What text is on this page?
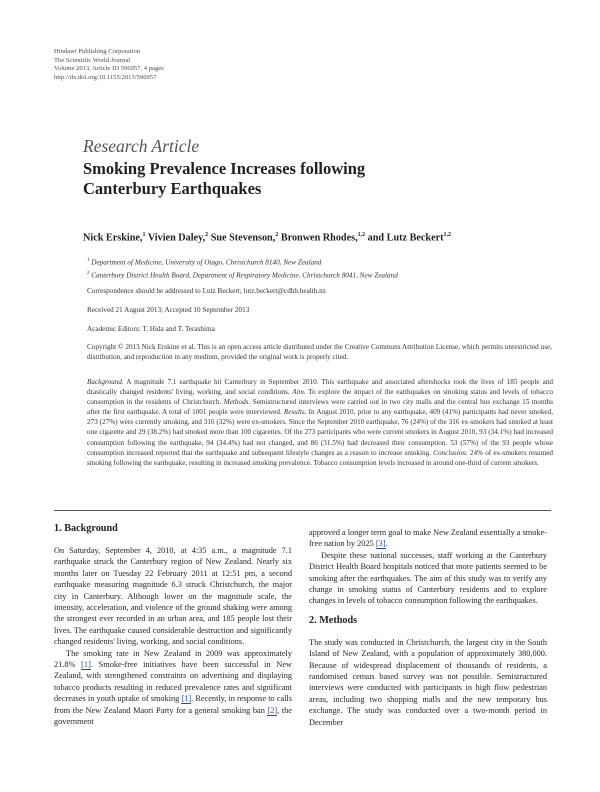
Hindawi Publishing Corporation
The Scientific World Journal
Volume 2013, Article ID 596957, 4 pages
http://dx.doi.org/10.1155/2013/596957
Research Article
Smoking Prevalence Increases following
Canterbury Earthquakes
Nick Erskine,$^1$ Vivien Daley,$^2$ Sue Stevenson,$^2$ Bronwen Rhodes,$^{1,2}$ and Lutz Beckert$^{1,2}$
$^1$ Department of Medicine, University of Otago, Christchurch 8140, New Zealand
$^2$ Canterbury District Health Board, Department of Respiratory Medicine, Christchurch 8041, New Zealand
Correspondence should be addressed to Lutz Beckert; lutz.beckert@cdhb.health.nz
Received 21 August 2013; Accepted 10 September 2013
Academic Editors: T. Hida and T. Terashima
Copyright © 2013 Nick Erskine et al. This is an open access article distributed under the Creative Commons Attribution License, which permits unrestricted use, distribution, and reproduction in any medium, provided the original work is properly cited.
Background. A magnitude 7.1 earthquake hit Canterbury in September 2010. This earthquake and associated aftershocks took the lives of 185 people and drastically changed residents' living, working, and social conditions. Aim. To explore the impact of the earthquakes on smoking status and levels of tobacco consumption in the residents of Christchurch. Methods. Semistructured interviews were carried out in two city malls and the central bus exchange 15 months after the first earthquake. A total of 1001 people were interviewed. Results. In August 2010, prior to any earthquake, 409 (41%) participants had never smoked, 273 (27%) were currently smoking, and 316 (32%) were ex-smokers. Since the September 2010 earthquake, 76 (24%) of the 316 ex-smokers had smoked at least one cigarette and 29 (38.2%) had smoked more than 100 cigarettes. Of the 273 participants who were current smokers in August 2010, 93 (34.1%) had increased consumption following the earthquake, 94 (34.4%) had not changed, and 86 (31.5%) had decreased their consumption. 53 (57%) of the 93 people whose consumption increased reported that the earthquake and subsequent lifestyle changes as a reason to increase smoking. Conclusion. 24% of ex-smokers resumed smoking following the earthquake, resulting in increased smoking prevalence. Tobacco consumption levels increased in around one-third of current smokers.
1. Background

On Saturday, September 4, 2010, at 4:35 a.m., a magnitude 7.1 earthquake struck the Canterbury region of New Zealand. Nearly six months later on Tuesday 22 February 2011 at 12:51 pm, a second earthquake measuring magnitude 6.3 struck Christchurch, the major city in Canterbury. Although lower on the magnitude scale, the intensity, acceleration, and violence of the ground shaking were among the strongest ever recorded in an urban area, and 185 people lost their lives. The earthquake caused considerable destruction and significantly changed residents' living, working, and social conditions.

The smoking rate in New Zealand in 2009 was approximately 21.8% [1]. Smoke-free initiatives have been successful in New Zealand, with strengthened constraints on advertising and displaying tobacco products resulting in reduced prevalence rates and significant decreases in youth uptake of smoking [1]. Recently, in response to calls from the New Zealand Maori Party for a general smoking ban [2], the government

approved a longer term goal to make New Zealand essentially a smoke-free nation by 2025 [3].

Despite these national successes, staff working at the Canterbury District Health Board hospitals noticed that more patients seemed to be smoking after the earthquakes. The aim of this study was to verify any change in smoking status of Canterbury residents and to explore changes in levels of tobacco consumption following the earthquakes.

2. Methods

The study was conducted in Christchurch, the largest city in the South Island of New Zealand, with a population of approximately 380,000. Because of widespread displacement of thousands of residents, a randomised census based survey was not possible. Semistructured interviews were conducted with participants in high flow pedestrian areas, including two shopping malls and the new temporary bus exchange. The study was conducted over a two-month period in December
